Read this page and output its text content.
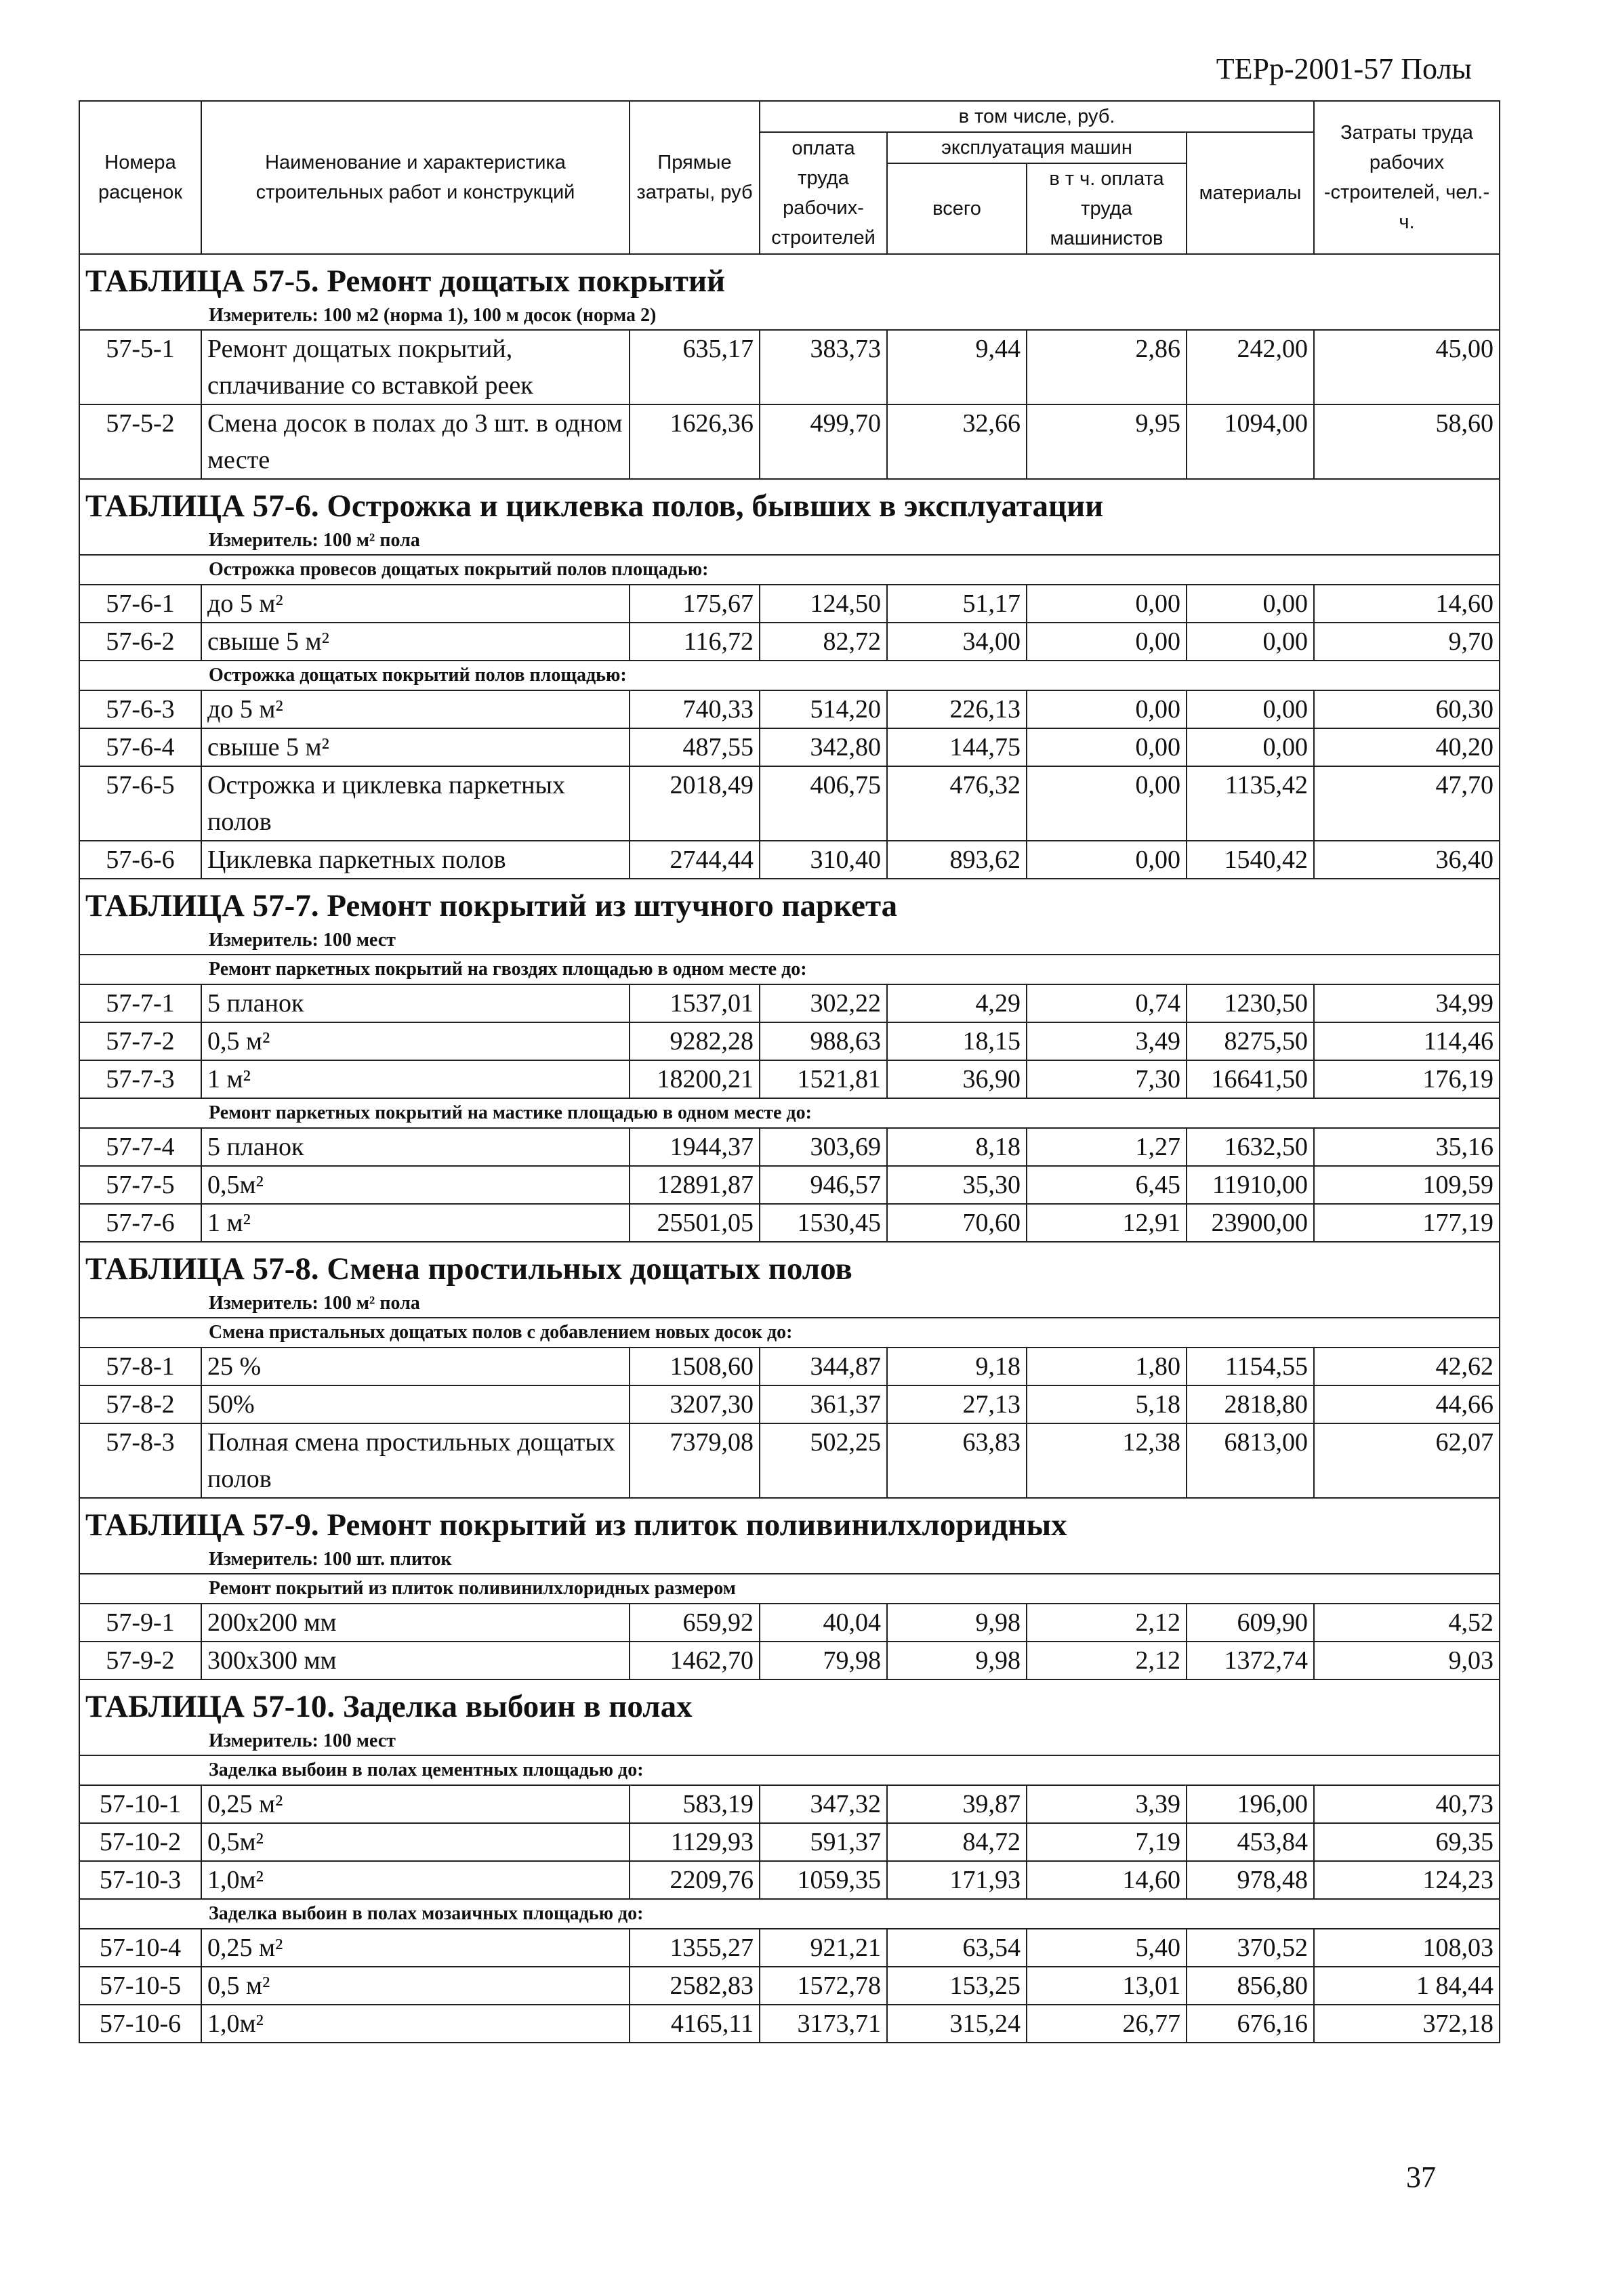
ТЕРр-2001-57 Полы
Номера расценок	Наименование и характеристика строительных работ и конструкций	Прямые затраты, руб	в том числе, руб.				Затраты труда рабочих -строителей, чел.-ч.
			оплата труда рабочих-строителей	эксплуатация машин		материалы	
				всего	в т ч. оплата труда машинистов		
ТАБЛИЦА 57-5. Ремонт дощатых покрытий							
Измеритель: 100 м2 (норма 1), 100 м досок (норма 2)							
57-5-1	Ремонт дощатых покрытий, сплачивание со вставкой реек	635,17	383,73	9,44	2,86	242,00	45,00
57-5-2	Смена досок в полах до 3 шт. в одном месте	1626,36	499,70	32,66	9,95	1094,00	58,60
ТАБЛИЦА 57-6. Острожка и циклевка полов, бывших в эксплуатации							
Измеритель: 100 м² пола							
Острожка провесов дощатых покрытий полов площадью:							
57-6-1	до 5 м²	175,67	124,50	51,17	0,00	0,00	14,60
57-6-2	свыше 5 м²	116,72	82,72	34,00	0,00	0,00	9,70
Острожка дощатых покрытий полов площадью:							
57-6-3	до 5 м²	740,33	514,20	226,13	0,00	0,00	60,30
57-6-4	свыше 5 м²	487,55	342,80	144,75	0,00	0,00	40,20
57-6-5	Острожка и циклевка паркетных полов	2018,49	406,75	476,32	0,00	1135,42	47,70
57-6-6	Циклевка паркетных полов	2744,44	310,40	893,62	0,00	1540,42	36,40
ТАБЛИЦА 57-7. Ремонт покрытий из штучного паркета							
Измеритель: 100 мест							
Ремонт паркетных покрытий на гвоздях площадью в одном месте до:							
57-7-1	5 планок	1537,01	302,22	4,29	0,74	1230,50	34,99
57-7-2	0,5 м²	9282,28	988,63	18,15	3,49	8275,50	114,46
57-7-3	1 м²	18200,21	1521,81	36,90	7,30	16641,50	176,19
Ремонт паркетных покрытий на мастике площадью в одном месте до:							
57-7-4	5 планок	1944,37	303,69	8,18	1,27	1632,50	35,16
57-7-5	0,5м²	12891,87	946,57	35,30	6,45	11910,00	109,59
57-7-6	1 м²	25501,05	1530,45	70,60	12,91	23900,00	177,19
ТАБЛИЦА 57-8. Смена простильных дощатых полов							
Измеритель: 100 м² пола							
Смена пристальных дощатых полов с добавлением новых досок до:							
57-8-1	25 %	1508,60	344,87	9,18	1,80	1154,55	42,62
57-8-2	50%	3207,30	361,37	27,13	5,18	2818,80	44,66
57-8-3	Полная смена простильных дощатых полов	7379,08	502,25	63,83	12,38	6813,00	62,07
ТАБЛИЦА 57-9. Ремонт покрытий из плиток поливинилхлоридных							
Измеритель: 100 шт. плиток							
Ремонт покрытий из плиток поливинилхлоридных размером							
57-9-1	200x200 мм	659,92	40,04	9,98	2,12	609,90	4,52
57-9-2	300x300 мм	1462,70	79,98	9,98	2,12	1372,74	9,03
ТАБЛИЦА 57-10. Заделка выбоин в полах							
Измеритель: 100 мест							
Заделка выбоин в полах цементных площадью до:							
57-10-1	0,25 м²	583,19	347,32	39,87	3,39	196,00	40,73
57-10-2	0,5м²	1129,93	591,37	84,72	7,19	453,84	69,35
57-10-3	1,0м²	2209,76	1059,35	171,93	14,60	978,48	124,23
Заделка выбоин в полах мозаичных площадью до:							
57-10-4	0,25 м²	1355,27	921,21	63,54	5,40	370,52	108,03
57-10-5	0,5 м²	2582,83	1572,78	153,25	13,01	856,80	1 84,44
57-10-6	1,0м²	4165,11	3173,71	315,24	26,77	676,16	372,18
37
